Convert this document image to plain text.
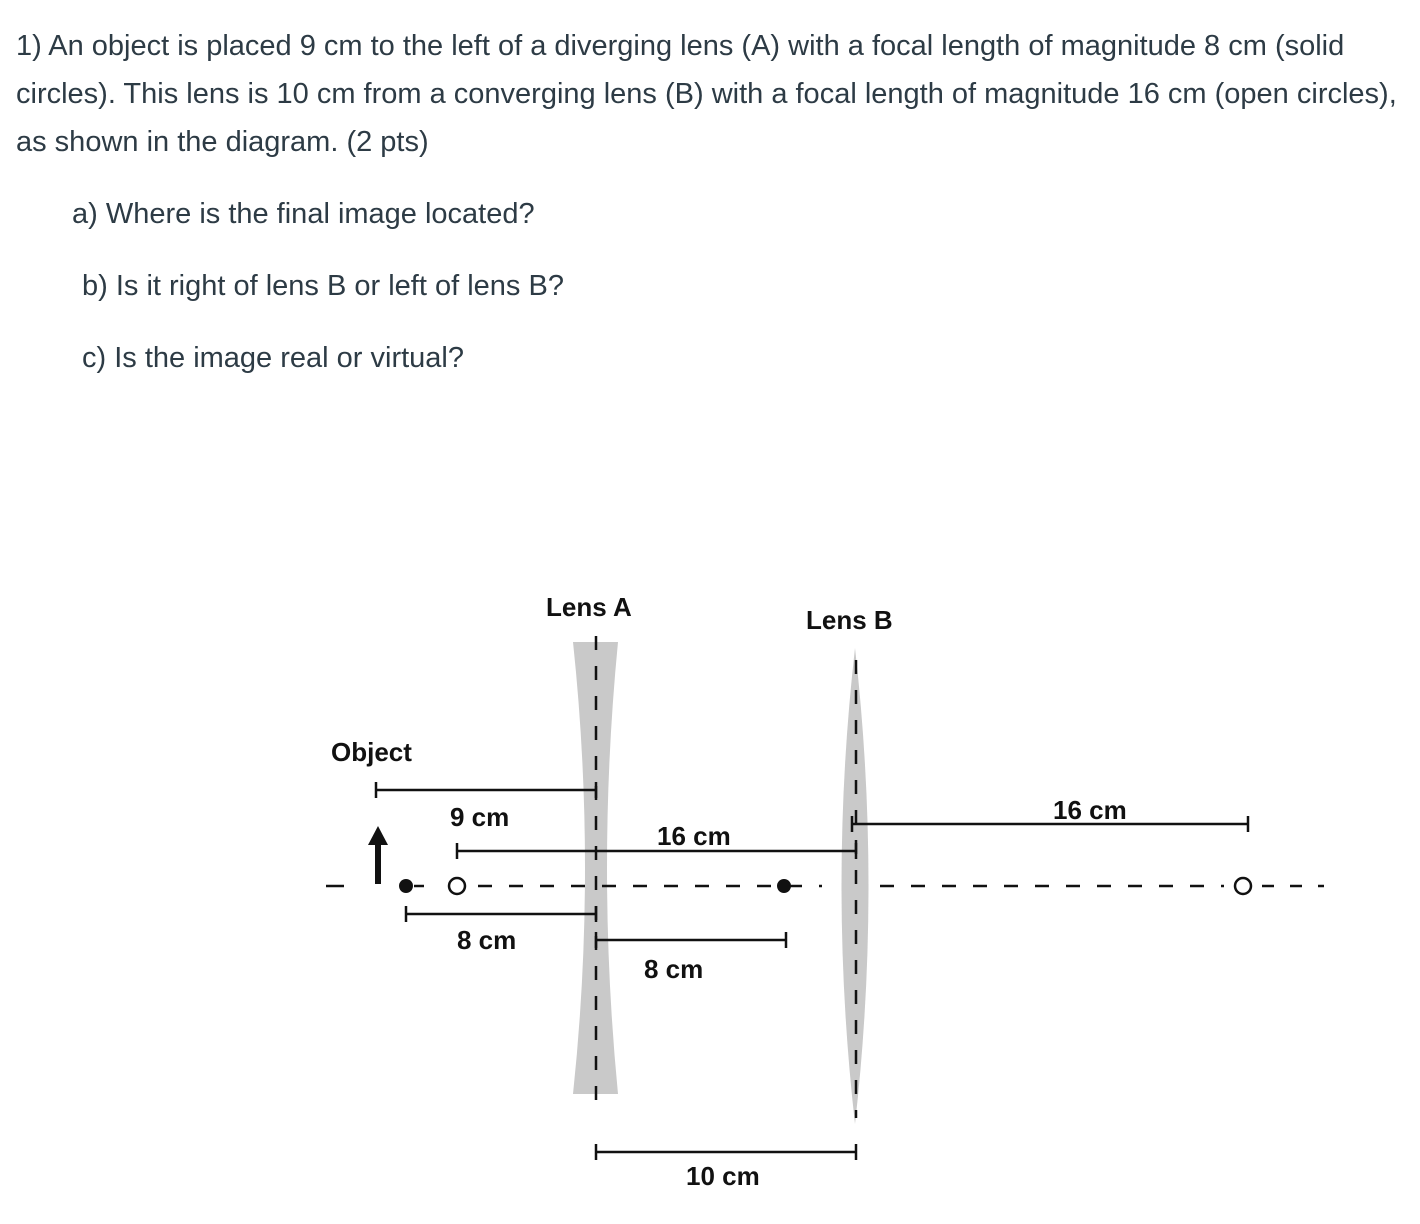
1) An object is placed 9 cm to the left of a diverging lens (A) with a focal length of magnitude 8 cm (solid circles). This lens is 10 cm from a converging lens (B) with a focal length of magnitude 16 cm (open circles), as shown in the diagram. (2 pts)

a) Where is the final image located?
b) Is it right of lens B or left of lens B?
c) Is the image real or virtual?
Lens A	Lens B
Object
9 cm
16 cm
16 cm
8 cm
8 cm
10 cm
